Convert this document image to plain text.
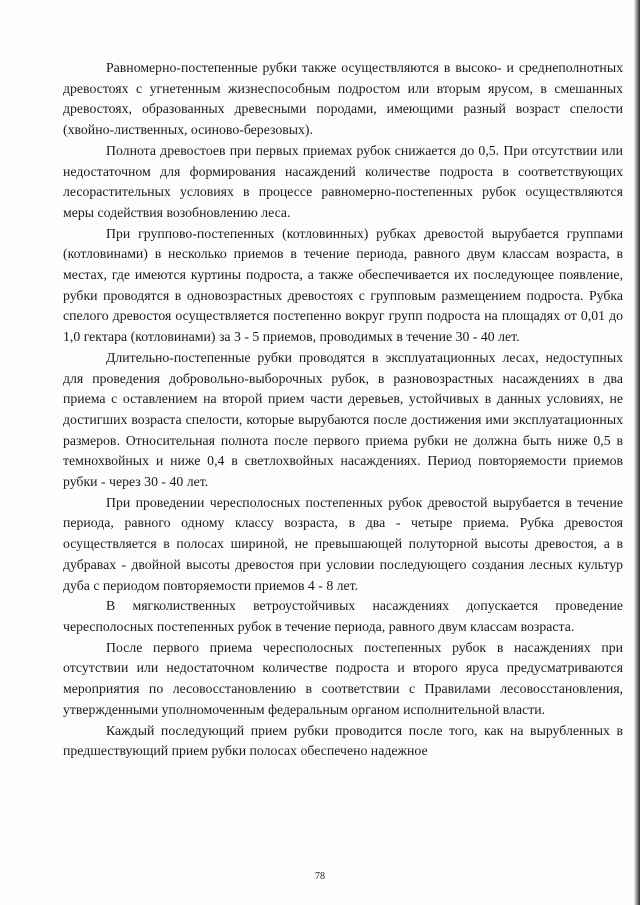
Равномерно-постепенные рубки также осуществляются в высоко- и среднеполнотных древостоях с угнетенным жизнеспособным подростом или вторым ярусом, в смешанных древостоях, образованных древесными породами, имеющими разный возраст спелости (хвойно-лиственных, осиново-березовых).

Полнота древостоев при первых приемах рубок снижается до 0,5. При отсутствии или недостаточном для формирования насаждений количестве подроста в соответствующих лесорастительных условиях в процессе равномерно-постепенных рубок осуществляются меры содействия возобновлению леса.

При группово-постепенных (котловинных) рубках древостой вырубается группами (котловинами) в несколько приемов в течение периода, равного двум классам возраста, в местах, где имеются куртины подроста, а также обеспечивается их последующее появление, рубки проводятся в одновозрастных древостоях с групповым размещением подроста. Рубка спелого древостоя осуществляется постепенно вокруг групп подроста на площадях от 0,01 до 1,0 гектара (котловинами) за 3 - 5 приемов, проводимых в течение 30 - 40 лет.

Длительно-постепенные рубки проводятся в эксплуатационных лесах, недоступных для проведения добровольно-выборочных рубок, в разновозрастных насаждениях в два приема с оставлением на второй прием части деревьев, устойчивых в данных условиях, не достигших возраста спелости, которые вырубаются после достижения ими эксплуатационных размеров. Относительная полнота после первого приема рубки не должна быть ниже 0,5 в темнохвойных и ниже 0,4 в светлохвойных насаждениях. Период повторяемости приемов рубки - через 30 - 40 лет.

При проведении чересполосных постепенных рубок древостой вырубается в течение периода, равного одному классу возраста, в два - четыре приема. Рубка древостоя осуществляется в полосах шириной, не превышающей полуторной высоты древостоя, а в дубравах - двойной высоты древостоя при условии последующего создания лесных культур дуба с периодом повторяемости приемов 4 - 8 лет.

В мягколиственных ветроустойчивых насаждениях допускается проведение чересполосных постепенных рубок в течение периода, равного двум классам возраста.

После первого приема чересполосных постепенных рубок в насаждениях при отсутствии или недостаточном количестве подроста и второго яруса предусматриваются мероприятия по лесовосстановлению в соответствии с Правилами лесовосстановления, утвержденными уполномоченным федеральным органом исполнительной власти.

Каждый последующий прием рубки проводится после того, как на вырубленных в предшествующий прием рубки полосах обеспечено надежное

78
